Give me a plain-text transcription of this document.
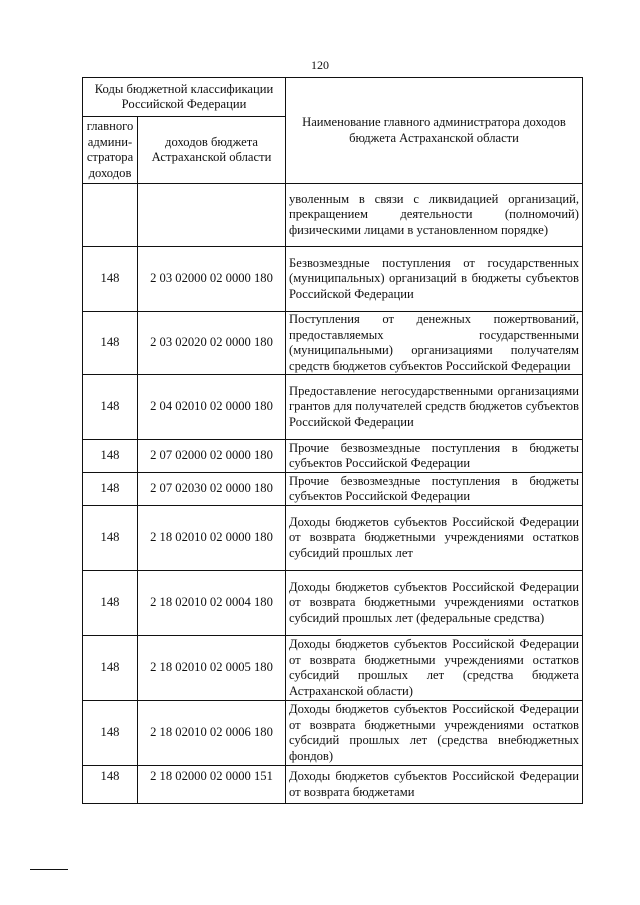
120
Коды бюджетной классификации Российской Федерации		Наименование главного администратора доходов бюджета Астраханской области
главного админи-стратора доходов	доходов бюджета Астраханской области	
		уволенным в связи с ликвидацией организаций, прекращением деятельности (полномочий) физическими лицами в установленном порядке)
148	2 03 02000 02 0000 180	Безвозмездные поступления от государственных (муниципальных) организаций в бюджеты субъектов Российской Федерации
148	2 03 02020 02 0000 180	Поступления от денежных пожертвований, предоставляемых государственными (муниципальными) организациями получателям средств бюджетов субъектов Российской Федерации
148	2 04 02010 02 0000 180	Предоставление негосударственными организациями грантов для получателей средств бюджетов субъектов Российской Федерации
148	2 07 02000 02 0000 180	Прочие безвозмездные поступления в бюджеты субъектов Российской Федерации
148	2 07 02030 02 0000 180	Прочие безвозмездные поступления в бюджеты субъектов Российской Федерации
148	2 18 02010 02 0000 180	Доходы бюджетов субъектов Российской Федерации от возврата бюджетными учреждениями остатков субсидий прошлых лет
148	2 18 02010 02 0004 180	Доходы бюджетов субъектов Российской Федерации от возврата бюджетными учреждениями остатков субсидий прошлых лет (федеральные средства)
148	2 18 02010 02 0005 180	Доходы бюджетов субъектов Российской Федерации от возврата бюджетными учреждениями остатков субсидий прошлых лет (средства бюджета Астраханской области)
148	2 18 02010 02 0006 180	Доходы бюджетов субъектов Российской Федерации от возврата бюджетными учреждениями остатков субсидий прошлых лет (средства внебюджетных фондов)
148	2 18 02000 02 0000 151	Доходы бюджетов субъектов Российской Федерации от возврата бюджетами
